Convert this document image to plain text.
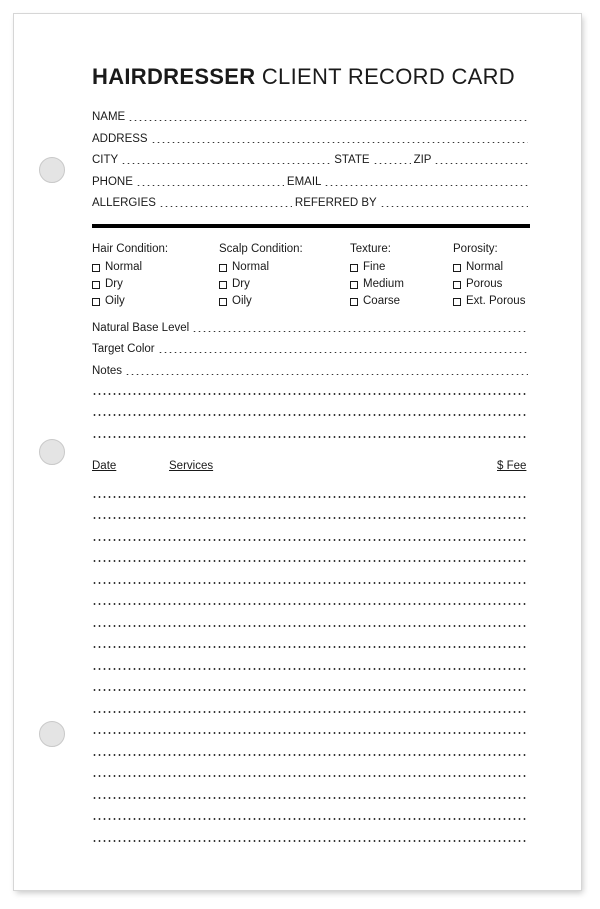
HAIRDRESSER CLIENT RECORD CARD
NAME
ADDRESS
CITY	STATE	ZIP
PHONE	EMAIL
ALLERGIES	REFERRED BY
Hair Condition:
Normal
Dry
Oily
Scalp Condition:
Normal
Dry
Oily
Texture:
Fine
Medium
Coarse
Porosity:
Normal
Porous
Ext. Porous
Natural Base Level
Target Color
Notes
Date	Services	$ Fee
